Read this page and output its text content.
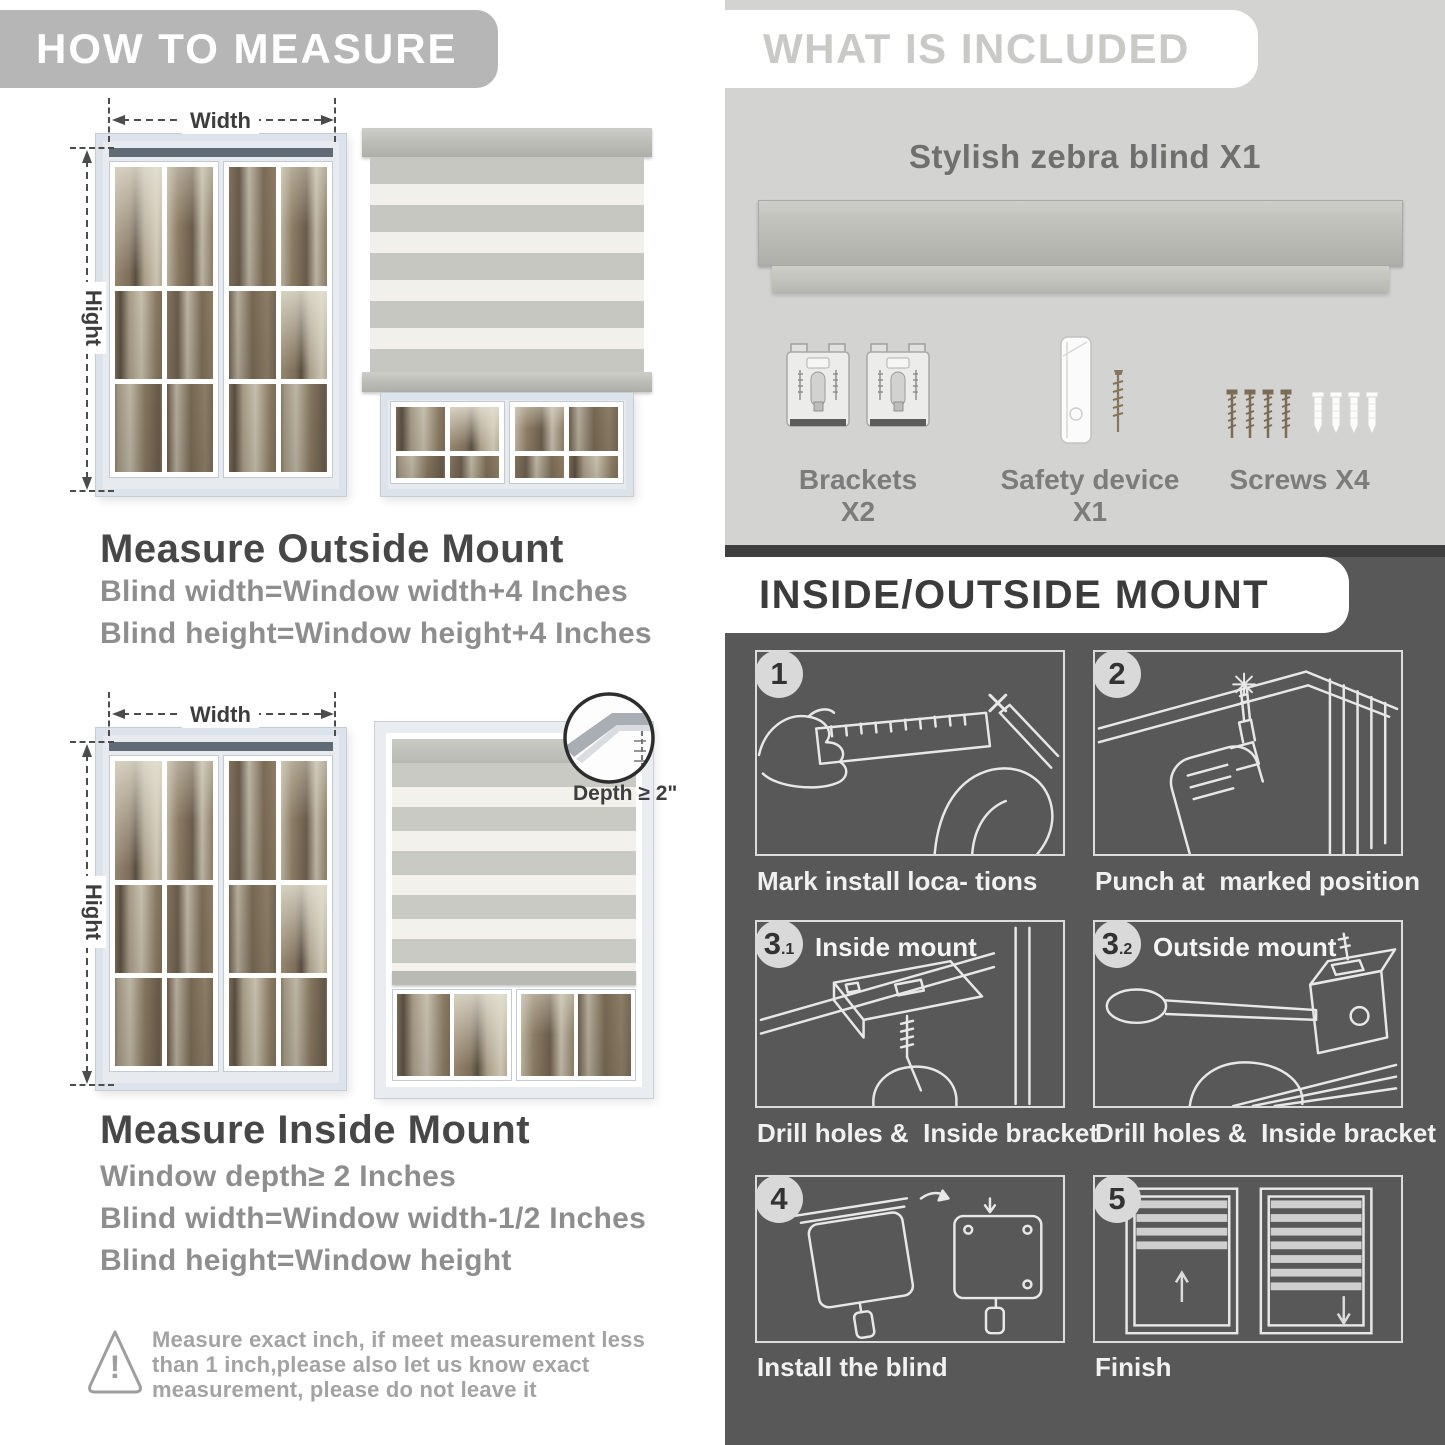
HOW TO MEASURE
Width
Hight
Measure Outside Mount
Blind width=Window width+4 Inches
Blind height=Window height+4 Inches
Width
Hight
Depth ≥ 2"
Measure Inside Mount
Window depth≥ 2 Inches
Blind width=Window width-1/2 Inches
Blind height=Window height
!
Measure exact inch, if meet measurement less
than 1 inch,please also let us know exact
measurement, please do not leave it
WHAT IS INCLUDED
Stylish zebra blind X1
Brackets X2
Safety device X1
Screws X4
INSIDE/OUTSIDE MOUNT
1
Mark install loca- tions
2
Punch at  marked position
3 .1 Inside mount
Drill holes &  Inside bracket
3 .2 Outside mount
Drill holes &  Inside bracket
4
Install the blind
5
Finish
